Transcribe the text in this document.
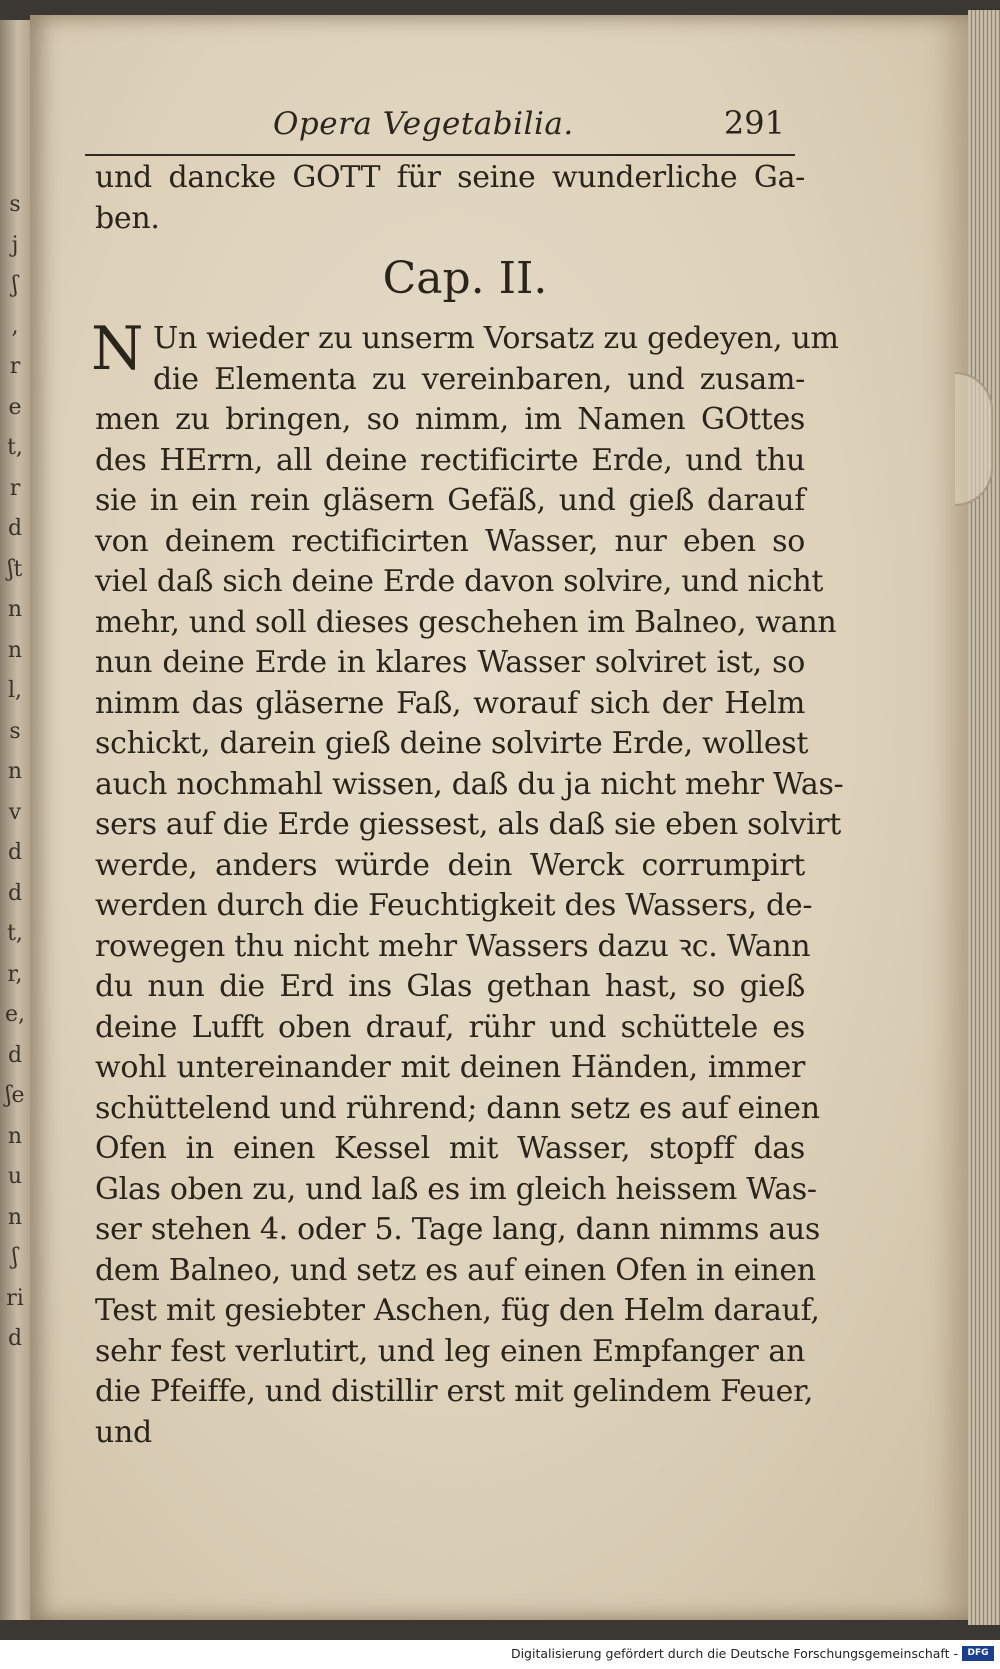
s
j
ʃ
,
r
e
t,
r
d
ʃt
n
n
l,
s
n
v
d
d
t,
r,
e,
d
ʃe
n
u
n
ʃ
ri
d
Opera Vegetabilia.	291
und dancke GOTT für seine wunderliche Ga-
ben.
Cap. II.
N Un wieder zu unserm Vorsatz zu gedeyen, um
die Elementa zu vereinbaren, und zusam-
men zu bringen, so nimm, im Namen GOttes
des HErrn, all deine rectificirte Erde, und thu
sie in ein rein gläsern Gefäß, und gieß darauf
von deinem rectificirten Wasser, nur eben so
viel daß sich deine Erde davon solvire, und nicht
mehr, und soll dieses geschehen im Balneo, wann
nun deine Erde in klares Wasser solviret ist, so
nimm das gläserne Faß, worauf sich der Helm
schickt, darein gieß deine solvirte Erde, wollest
auch nochmahl wissen, daß du ja nicht mehr Was-
sers auf die Erde giessest, als daß sie eben solvirt
werde, anders würde dein Werck corrumpirt
werden durch die Feuchtigkeit des Wassers, de-
rowegen thu nicht mehr Wassers dazu ꝛc. Wann
du nun die Erd ins Glas gethan hast, so gieß
deine Lufft oben drauf, rühr und schüttele es
wohl untereinander mit deinen Händen, immer
schüttelend und rührend; dann setz es auf einen
Ofen in einen Kessel mit Wasser, stopff das
Glas oben zu, und laß es im gleich heissem Was-
ser stehen 4. oder 5. Tage lang, dann nimms aus
dem Balneo, und setz es auf einen Ofen in einen
Test mit gesiebter Aschen, füg den Helm darauf,
sehr fest verlutirt, und leg einen Empfanger an
die Pfeiffe, und distillir erst mit gelindem Feuer,
und
Digitalisierung gefördert durch die Deutsche Forschungsgemeinschaft -	DFG
